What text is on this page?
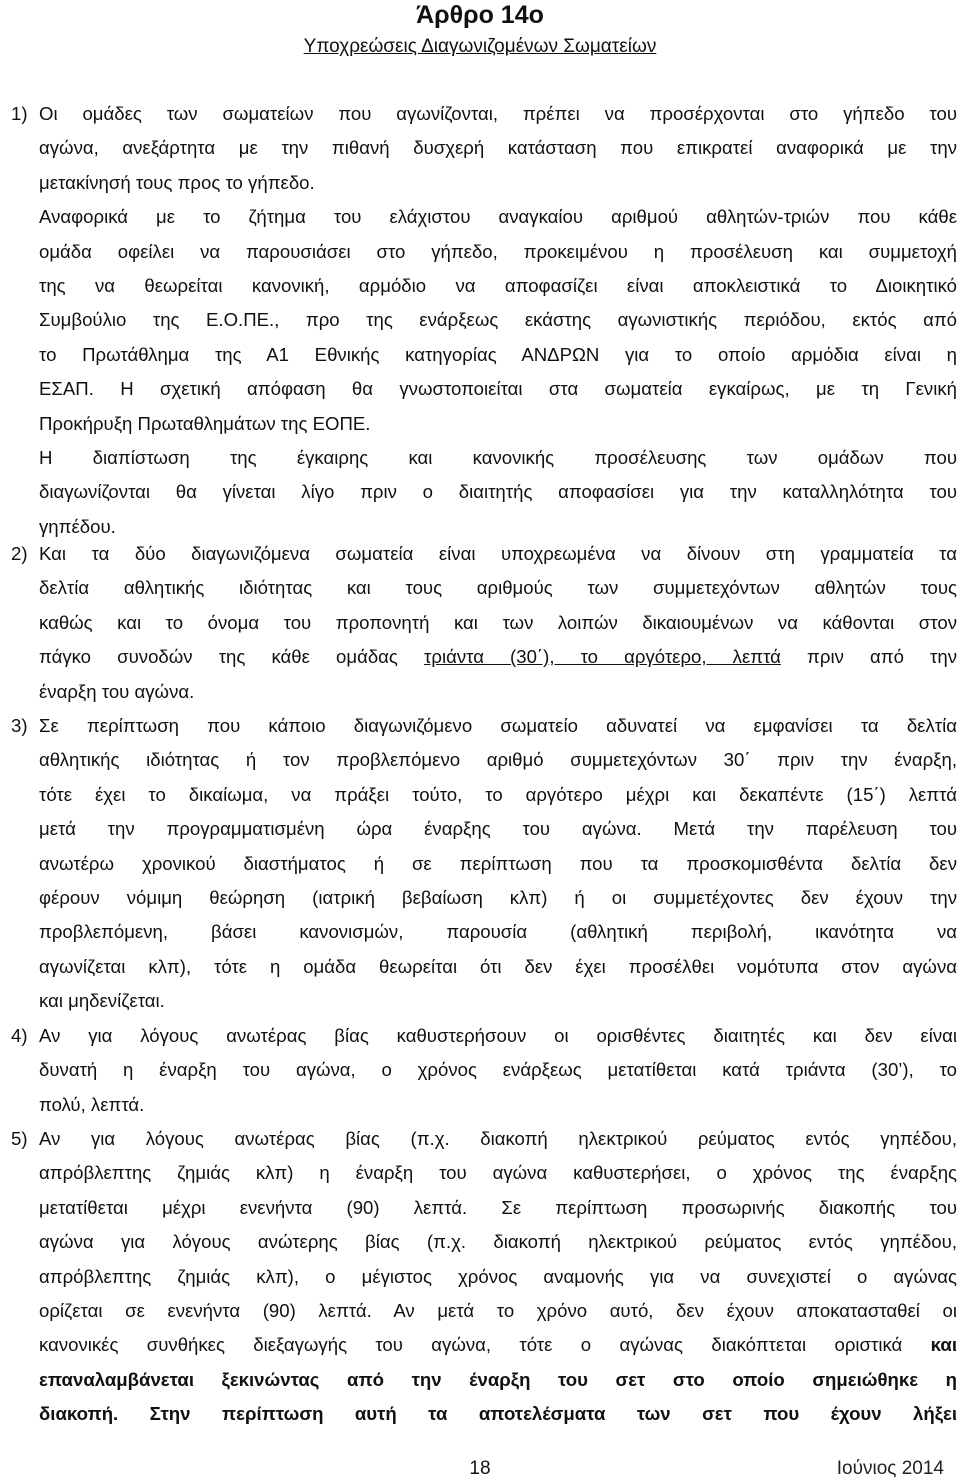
Άρθρο 14ο
Υποχρεώσεις Διαγωνιζομένων Σωματείων
1) Οι ομάδες των σωματείων που αγωνίζονται, πρέπει να προσέρχονται στο γήπεδο του
αγώνα, ανεξάρτητα με την πιθανή δυσχερή κατάσταση που επικρατεί αναφορικά με την
μετακίνησή τους προς το γήπεδο.
Αναφορικά με το ζήτημα του ελάχιστου αναγκαίου αριθμού αθλητών-τριών που κάθε
ομάδα οφείλει να παρουσιάσει στο γήπεδο, προκειμένου η προσέλευση και συμμετοχή
της να θεωρείται κανονική, αρμόδιο να αποφασίζει είναι αποκλειστικά το Διοικητικό
Συμβούλιο της Ε.Ο.ΠΕ., προ της ενάρξεως εκάστης αγωνιστικής περιόδου, εκτός από
το Πρωτάθλημα της Α1 Εθνικής κατηγορίας ΑΝΔΡΩΝ για το οποίο αρμόδια είναι η
ΕΣΑΠ. Η σχετική απόφαση θα γνωστοποιείται στα σωματεία εγκαίρως, με τη Γενική
Προκήρυξη Πρωταθλημάτων της ΕΟΠΕ.
Η διαπίστωση της έγκαιρης και κανονικής προσέλευσης των ομάδων που
διαγωνίζονται θα γίνεται λίγο πριν ο διαιτητής αποφασίσει για την καταλληλότητα του
γηπέδου.
2) Και τα δύο διαγωνιζόμενα σωματεία είναι υποχρεωμένα να δίνουν στη γραμματεία τα
δελτία αθλητικής ιδιότητας και τους αριθμούς των συμμετεχόντων αθλητών τους
καθώς και το όνομα του προπονητή και των λοιπών δικαιουμένων να κάθονται στον
πάγκο συνοδών της κάθε ομάδας τριάντα (30΄), το αργότερο, λεπτά πριν από την
έναρξη του αγώνα.
3) Σε περίπτωση που κάποιο διαγωνιζόμενο σωματείο αδυνατεί να εμφανίσει τα δελτία
αθλητικής ιδιότητας ή τον προβλεπόμενο αριθμό συμμετεχόντων 30΄ πριν την έναρξη,
τότε έχει το δικαίωμα, να πράξει τούτο, το αργότερο μέχρι και δεκαπέντε (15΄) λεπτά
μετά την προγραμματισμένη ώρα έναρξης του αγώνα. Μετά την παρέλευση του
ανωτέρω χρονικού διαστήματος ή σε περίπτωση που τα προσκομισθέντα δελτία δεν
φέρουν νόμιμη θεώρηση (ιατρική βεβαίωση κλπ) ή οι συμμετέχοντες δεν έχουν την
προβλεπόμενη, βάσει κανονισμών, παρουσία (αθλητική περιβολή, ικανότητα να
αγωνίζεται κλπ), τότε η ομάδα θεωρείται ότι δεν έχει προσέλθει νομότυπα στον αγώνα
και μηδενίζεται.
4) Αν για λόγους ανωτέρας βίας καθυστερήσουν οι ορισθέντες διαιτητές και δεν είναι
δυνατή η έναρξη του αγώνα, ο χρόνος ενάρξεως μετατίθεται κατά τριάντα (30’), το
πολύ, λεπτά.
5) Αν για λόγους ανωτέρας βίας (π.χ. διακοπή ηλεκτρικού ρεύματος εντός γηπέδου,
απρόβλεπτης ζημιάς κλπ) η έναρξη του αγώνα καθυστερήσει, ο χρόνος της έναρξης
μετατίθεται μέχρι ενενήντα (90) λεπτά. Σε περίπτωση προσωρινής διακοπής του
αγώνα για λόγους ανώτερης βίας (π.χ. διακοπή ηλεκτρικού ρεύματος εντός γηπέδου,
απρόβλεπτης ζημιάς κλπ), ο μέγιστος χρόνος αναμονής για να συνεχιστεί ο αγώνας
ορίζεται σε ενενήντα (90) λεπτά. Αν μετά το χρόνο αυτό, δεν έχουν αποκατασταθεί οι
κανονικές συνθήκες διεξαγωγής του αγώνα, τότε ο αγώνας διακόπτεται οριστικά και
επαναλαμβάνεται ξεκινώντας από την έναρξη του σετ στο οποίο σημειώθηκε η
διακοπή. Στην περίπτωση αυτή τα αποτελέσματα των σετ που έχουν λήξει
18	Ιούνιος 2014
